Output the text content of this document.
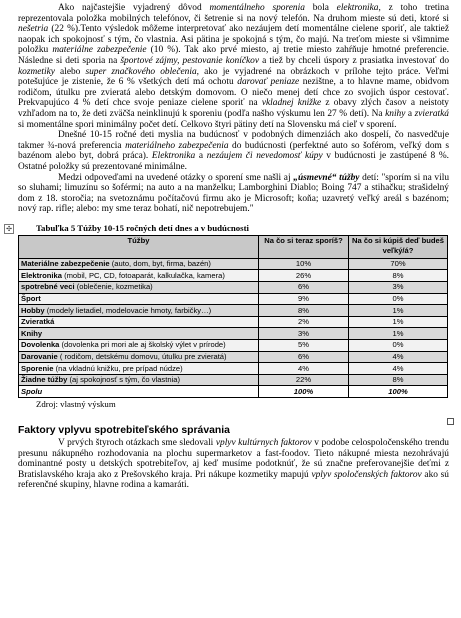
Ako najčastejšie vyjadrený dôvod momentálneho sporenia bola elektronika, z toho tretina reprezentovala položka mobilných telefónov, či šetrenie si na nový telefón. Na druhom mieste sú deti, ktoré si nešetria (22 %).Tento výsledok môžeme interpretovať ako nezáujem detí momentálne cielene sporiť, ale taktiež naopak ich spokojnosť s tým, čo vlastnia. Asi pätina je spokojná s tým, čo majú. Na treťom mieste si všimnime položku materiálne zabezpečenie (10 %). Tak ako prvé miesto, aj tretie miesto zahŕňuje hmotné preferencie. Následne si deti sporia na športové zájmy, pestovanie koníčkov a tiež by chceli úspory z prasiatka investovať do kozmetiky alebo super značkového oblečenia, ako je vyjadrené na obrázkoch v prílohe tejto práce. Veľmi potešujúce je zistenie, že 6 % všetkých detí má ochotu darovať peniaze nezištne, a to hlavne mame, obidvom rodičom, útulku pre zvieratá alebo detským domovom. O niečo menej detí chce zo svojich úspor cestovať. Prekvapujúco 4 % detí chce svoje peniaze cielene sporiť na vkladnej knižke z obavy zlých časov a neistoty vzhľadom na to, že deti zväčša neinklinujú k sporeniu (podľa našho výskumu len 27 % detí). Na knihy a zvieratká si momentálne spori minimálny počet detí. Celkovo štyri pätiny detí na Slovensku má cieľ v sporení.

Dnešné 10-15 ročné deti myslia na budúcnosť v podobných dimenziách ako dospelí, čo nasvedčuje takmer ¾-nová preferencia materiálneho zabezpečenia do budúcnosti (perfektné auto so šoférom, veľký dom s bazénom alebo byt, dobrá práca). Elektronika a nezáujem či nevedomosť kúpy v budúcnosti je zastúpené 8 %. Ostatné položky sú prezentované minimálne.

Medzi odpoveďami na uvedené otázky o sporení sme našli aj „úsmevné“ túžby detí: "sporím si na vilu so sluhami; limuzínu so šoférmi; na auto a na manželku; Lamborghini Diablo; Boing 747 a stihačku; strašidelný dom z 18. storočia; na svetoznámu počítačovú firmu ako je Microsoft; koňa; uzavretý veľký areál s bazénom; nový rap. rifle; alebo: my sme teraz bohatí, nič nepotrebujem."

✣	Tabuľka 5 Túžby 10-15 ročných detí dnes a v budúcnosti
Túžby	Na čo si teraz sporíš?	Na čo si kúpiš deď budeš veľký/á?
Materiálne zabezpečenie (auto, dom, byt, firma, bazén)	10%	70%
Elektronika (mobil, PC, CD, fotoaparát, kalkulačka, kamera)	26%	8%
spotrebné veci (oblečenie, kozmetika)	6%	3%
Šport	9%	0%
Hobby (modely lietadiel, modelovacie hmoty, farbičky…)	8%	1%
Zvieratká	2%	1%
Knihy	3%	1%
Dovolenka (dovolenka pri mori ale aj školský výlet v prírode)	5%	0%
Darovanie ( rodičom, detskému domovu, útulku pre zvieratá)	6%	4%
Sporenie (na vkladnú knižku, pre prípad núdze)	4%	4%
Žiadne túžby (aj spokojnosť s tým, čo vlastnia)	22%	8%
Spolu	100%	100%
Zdroj: vlastný výskum
Faktory vplyvu spotrebiteľského správania

V prvých štyroch otázkach sme sledovali vplyv kultúrnych faktorov v podobe celospoločenského trendu presunu nákupného rozhodovania na plochu supermarketov a fast-foodov. Tieto nákupné miesta nezohrávajú dominantné posty u detských spotrebiteľov, aj keď musíme podotknúť, že sú značne preferovanejšie deťmi z Bratislavského kraja ako z Prešovského kraja. Pri nákupe kozmetiky mapujú vplyv spoločenských faktorov ako sú referenčné skupiny, hlavne rodina a kamaráti.
